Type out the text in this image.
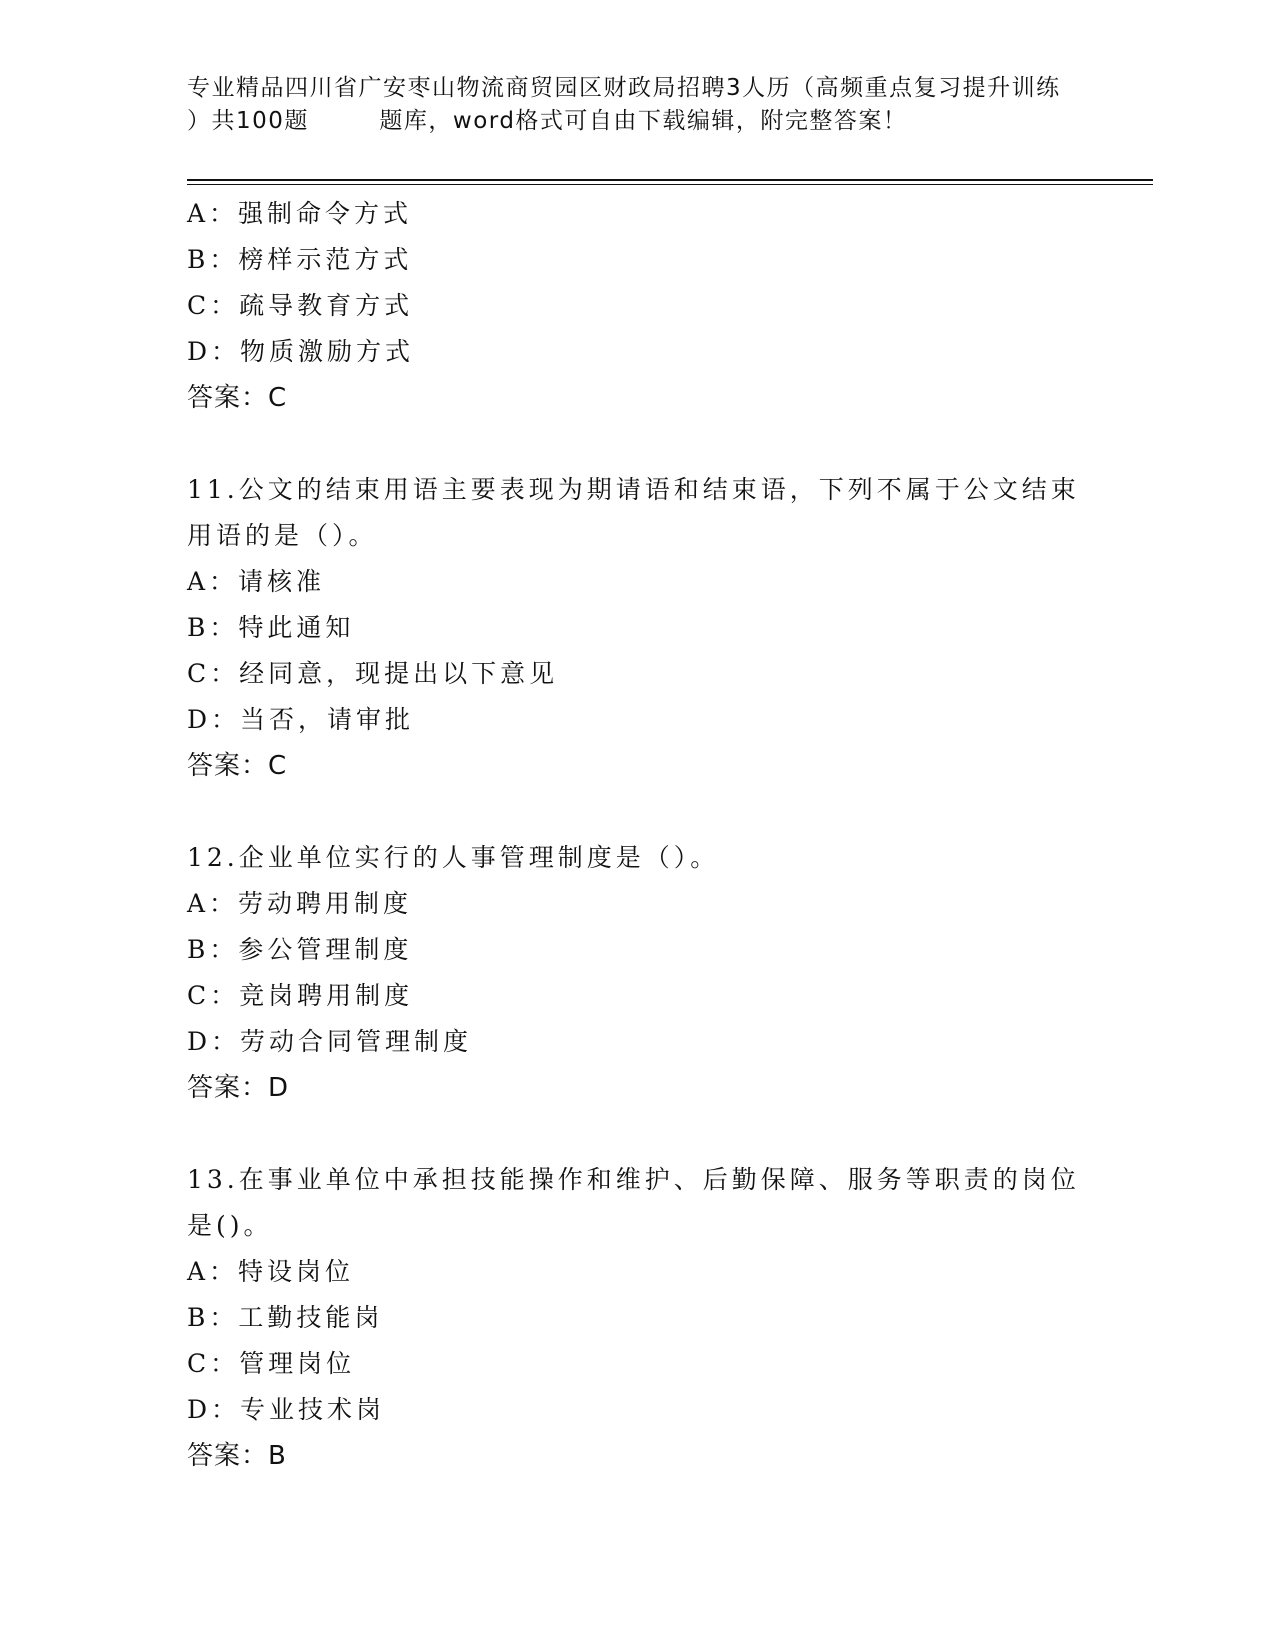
专业精品四川省广安枣山物流商贸园区财政局招聘3人历（高频重点复习提升训练
）共100题        题库，word格式可自由下载编辑，附完整答案！
A：强制命令方式
B：榜样示范方式
C：疏导教育方式
D：物质激励方式
答案：C
11.公文的结束用语主要表现为期请语和结束语，下列不属于公文结束
用语的是（）。
A：请核准
B：特此通知
C：经同意，现提出以下意见
D：当否，请审批
答案：C
12.企业单位实行的人事管理制度是（）。
A：劳动聘用制度
B：参公管理制度
C：竞岗聘用制度
D：劳动合同管理制度
答案：D
13.在事业单位中承担技能操作和维护、后勤保障、服务等职责的岗位
是()。
A：特设岗位
B：工勤技能岗
C：管理岗位
D：专业技术岗
答案：B
